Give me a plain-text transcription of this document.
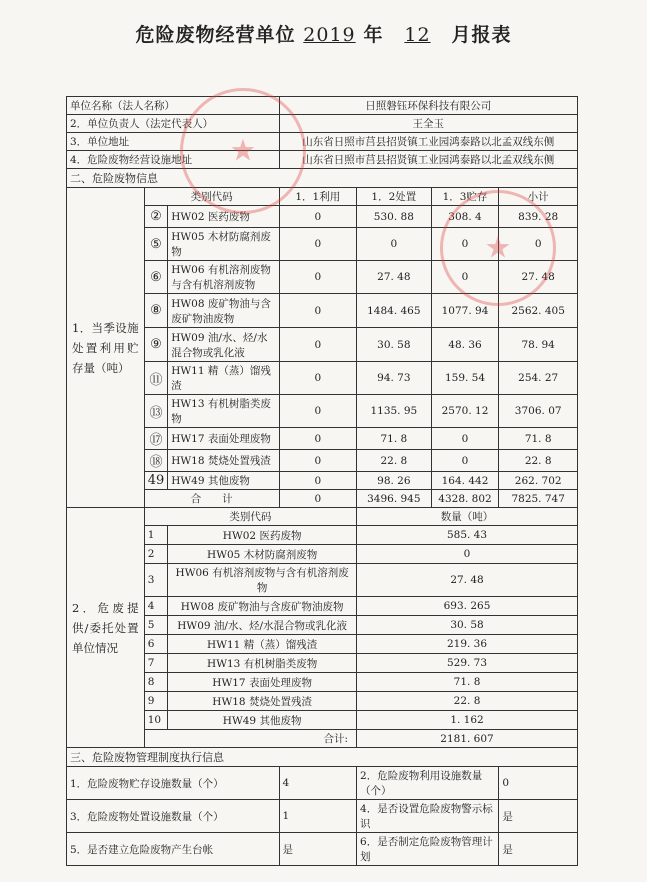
危险废物经营单位 2019 年 12 月报表
单位名称（法人名称）			日照磐钰环保科技有限公司			
2．单位负责人（法定代表人）			王全玉			
3．单位地址			山东省日照市莒县招贤镇工业园鸿泰路以北孟双线东侧			
4．危险废物经营设施地址			山东省日照市莒县招贤镇工业园鸿泰路以北孟双线东侧			
二、危险废物信息						
1．当季设施处置利用贮存量（吨）	类别代码		1．1利用	1．2处置	1．3贮存	小计
	②	HW02 医药废物	0	530. 88	308. 4	839. 28
	⑤	HW05 木材防腐剂废物	0	0	0	0
	⑥	HW06 有机溶剂废物与含有机溶剂废物	0	27. 48	0	27. 48
	⑧	HW08 废矿物油与含废矿物油废物	0	1484. 465	1077. 94	2562. 405
	⑨	HW09 油/水、烃/水混合物或乳化液	0	30. 58	48. 36	78. 94
	⑪	HW11 精（蒸）馏残渣	0	94. 73	159. 54	254. 27
	⑬	HW13 有机树脂类废物	0	1135. 95	2570. 12	3706. 07
	⑰	HW17 表面处理废物	0	71. 8	0	71. 8
	⑱	HW18 焚烧处置残渣	0	22. 8	0	22. 8
	49	HW49 其他废物	0	98. 26	164. 442	262. 702
	合　　计		0	3496. 945	4328. 802	7825. 747
2．危废提供/委托处置单位情况	类别代码			数量（吨）		
	1	HW02 医药废物		585. 43		
	2	HW05 木材防腐剂废物		0		
	3	HW06 有机溶剂废物与含有机溶剂废物		27. 48		
	4	HW08 废矿物油与含废矿物油废物		693. 265		
	5	HW09 油/水、烃/水混合物或乳化液		30. 58		
	6	HW11 精（蒸）馏残渣		219. 36		
	7	HW13 有机树脂类废物		529. 73		
	8	HW17 表面处理废物		71. 8		
	9	HW18 焚烧处置残渣		22. 8		
	10	HW49 其他废物		1. 162		
	合计:			2181. 607		
三、危险废物管理制度执行信息						
1．危险废物贮存设施数量（个）			4	2．危险废物利用设施数量（个）		0
3．危险废物处置设施数量（个）			1	4．是否设置危险废物警示标识		是
5．是否建立危险废物产生台帐			是	6．是否制定危险废物管理计划		是
★
★
